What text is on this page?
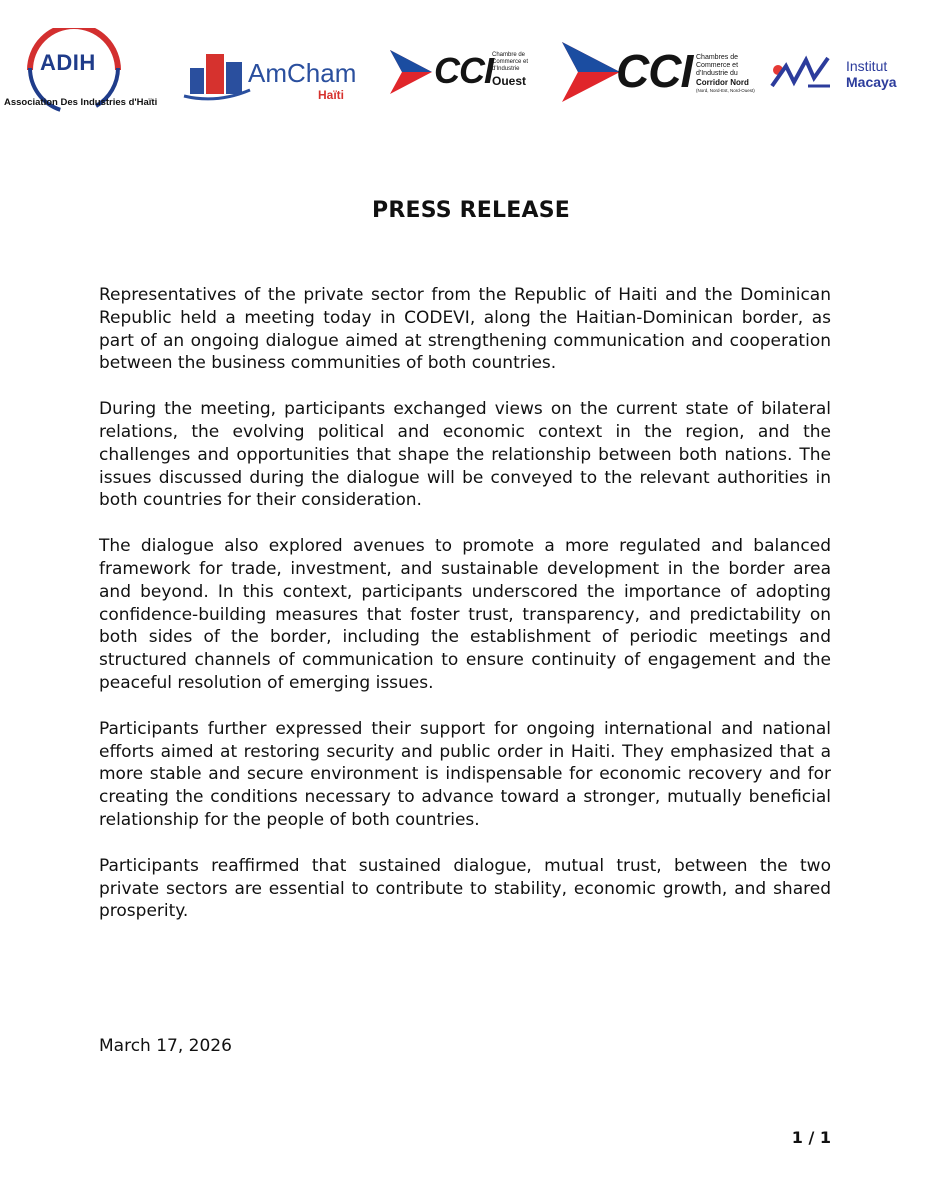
ADIH
Association Des Industries d'Haïti
AmCham
Haïti
CCI Chambre de
Commerce et
d'Industrie
Ouest CCI Chambres de
Commerce et
d'Industrie du
Corridor Nord
(Nord, Nord-Est, Nord-Ouest)
Institut
Macaya
PRESS RELEASE

Representatives of the private sector from the Republic of Haiti and the Dominican Republic held a meeting today in CODEVI, along the Haitian-Dominican border, as part of an ongoing dialogue aimed at strengthening communication and cooperation between the business communities of both countries.

During the meeting, participants exchanged views on the current state of bilateral relations, the evolving political and economic context in the region, and the challenges and opportunities that shape the relationship between both nations. The issues discussed during the dialogue will be conveyed to the relevant authorities in both countries for their consideration.

The dialogue also explored avenues to promote a more regulated and balanced framework for trade, investment, and sustainable development in the border area and beyond. In this context, participants underscored the importance of adopting confidence-building measures that foster trust, transparency, and predictability on both sides of the border, including the establishment of periodic meetings and structured channels of communication to ensure continuity of engagement and the peaceful resolution of emerging issues.

Participants further expressed their support for ongoing international and national efforts aimed at restoring security and public order in Haiti. They emphasized that a more stable and secure environment is indispensable for economic recovery and for creating the conditions necessary to advance toward a stronger, mutually beneficial relationship for the people of both countries.

Participants reaffirmed that sustained dialogue, mutual trust, between the two private sectors are essential to contribute to stability, economic growth, and shared prosperity.

March 17, 2026
1 / 1
